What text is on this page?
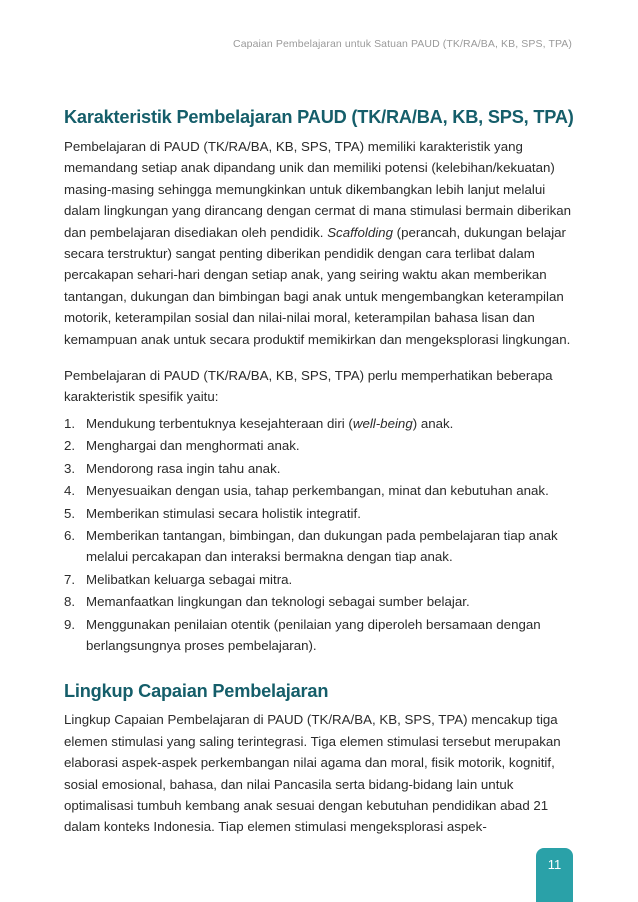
Capaian Pembelajaran untuk Satuan PAUD (TK/RA/BA, KB, SPS, TPA)
Karakteristik Pembelajaran PAUD (TK/RA/BA, KB, SPS, TPA)

Pembelajaran di PAUD (TK/RA/BA, KB, SPS, TPA) memiliki karakteristik yang memandang setiap anak dipandang unik dan memiliki potensi (kelebihan/kekuatan) masing-masing sehingga memungkinkan untuk dikembangkan lebih lanjut melalui dalam lingkungan yang dirancang dengan cermat di mana stimulasi bermain diberikan dan pembelajaran disediakan oleh pendidik. Scaffolding (perancah, dukungan belajar secara terstruktur) sangat penting diberikan pendidik dengan cara terlibat dalam percakapan sehari-hari dengan setiap anak, yang seiring waktu akan memberikan tantangan, dukungan dan bimbingan bagi anak untuk mengembangkan keterampilan motorik, keterampilan sosial dan nilai-nilai moral, keterampilan bahasa lisan dan kemampuan anak untuk secara produktif memikirkan dan mengeksplorasi lingkungan.

Pembelajaran di PAUD (TK/RA/BA, KB, SPS, TPA) perlu memperhatikan beberapa karakteristik spesifik yaitu:

1. Mendukung terbentuknya kesejahteraan diri (well-being) anak.
2. Menghargai dan menghormati anak.
3. Mendorong rasa ingin tahu anak.
4. Menyesuaikan dengan usia, tahap perkembangan, minat dan kebutuhan anak.
5. Memberikan stimulasi secara holistik integratif.
6. Memberikan tantangan, bimbingan, dan dukungan pada pembelajaran tiap anak melalui percakapan dan interaksi bermakna dengan tiap anak.
7. Melibatkan keluarga sebagai mitra.
8. Memanfaatkan lingkungan dan teknologi sebagai sumber belajar.
9. Menggunakan penilaian otentik (penilaian yang diperoleh bersamaan dengan berlangsungnya proses pembelajaran).
Lingkup Capaian Pembelajaran

Lingkup Capaian Pembelajaran di PAUD (TK/RA/BA, KB, SPS, TPA) mencakup tiga elemen stimulasi yang saling terintegrasi. Tiga elemen stimulasi tersebut merupakan elaborasi aspek-aspek perkembangan nilai agama dan moral, fisik motorik, kognitif, sosial emosional, bahasa, dan nilai Pancasila serta bidang-bidang lain untuk optimalisasi tumbuh kembang anak sesuai dengan kebutuhan pendidikan abad 21 dalam konteks Indonesia. Tiap elemen stimulasi mengeksplorasi aspek-

11
